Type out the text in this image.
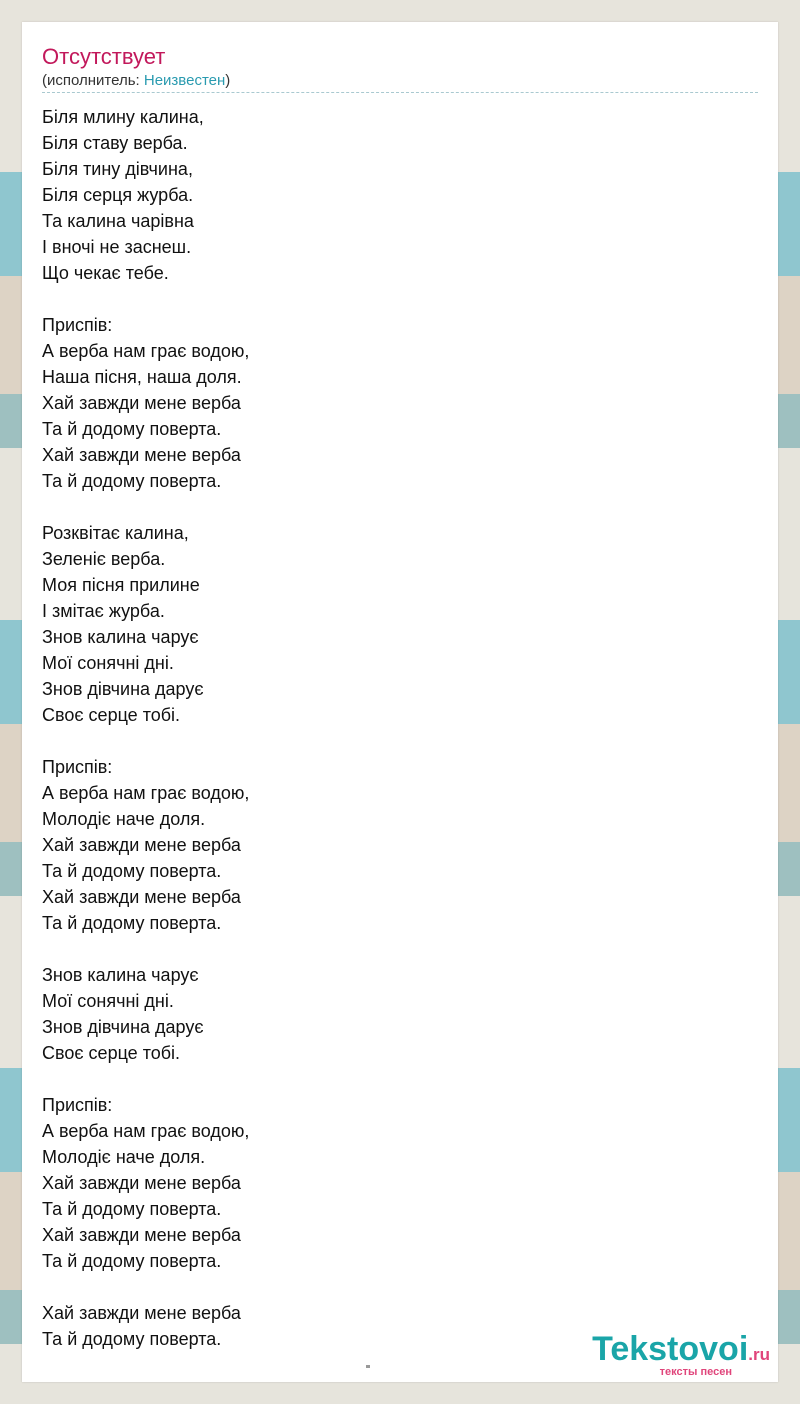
Отсутствует
(исполнитель: Неизвестен)
Біля млину калина,
Біля ставу верба.
Біля тину дівчина,
Біля серця журба.
Та калина чарівна
І вночі не заснеш.
Що чекає тебе.
Приспів:
А верба нам грає водою,
Наша пісня, наша доля.
Хай завжди мене верба
Та й додому поверта.
Хай завжди мене верба
Та й додому поверта.
Розквітає калина,
Зеленіє верба.
Моя пісня прилине
І змітає журба.
Знов калина чарує
Мої сонячні дні.
Знов дівчина дарує
Своє серце тобі.
Приспів:
А верба нам грає водою,
Молодіє наче доля.
Хай завжди мене верба
Та й додому поверта.
Хай завжди мене верба
Та й додому поверта.
Знов калина чарує
Мої сонячні дні.
Знов дівчина дарує
Своє серце тобі.
Приспів:
А верба нам грає водою,
Молодіє наче доля.
Хай завжди мене верба
Та й додому поверта.
Хай завжди мене верба
Та й додому поверта.
Хай завжди мене верба
Та й додому поверта.	Tekstovoi.ru
тексты песен
